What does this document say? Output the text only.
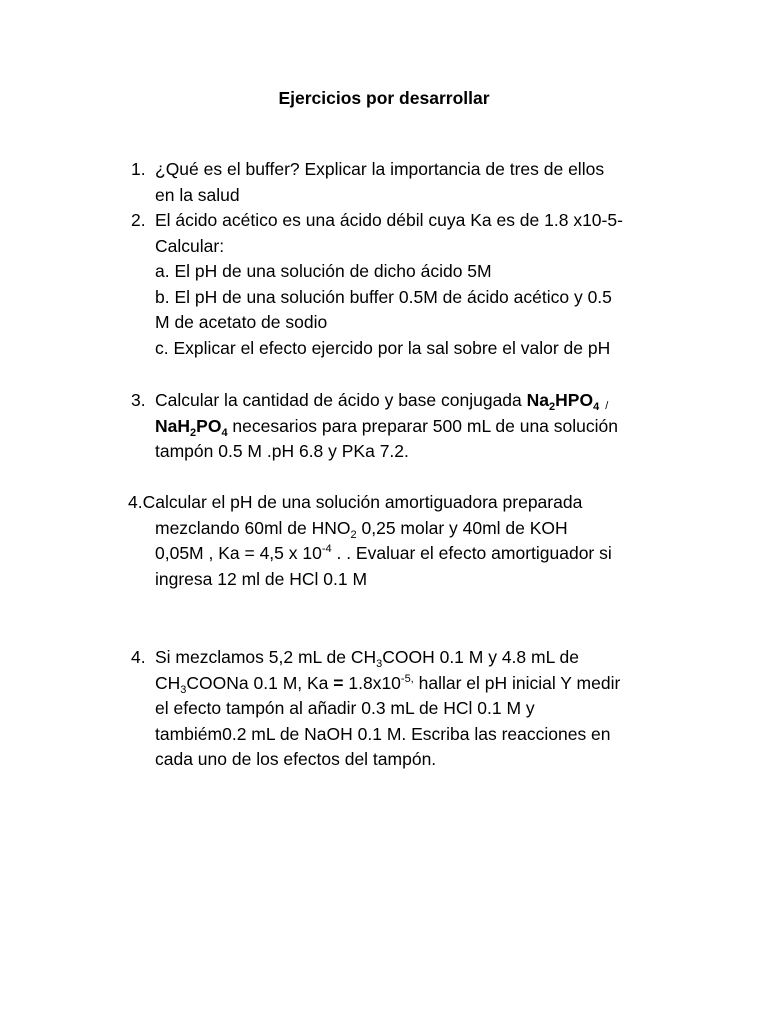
Ejercicios por desarrollar
1. ¿Qué es el buffer? Explicar la importancia de tres de ellos
en la salud
2. El ácido acético es una ácido débil cuya Ka es de 1.8 x10-5-
Calcular:
a. El pH de una solución de dicho ácido 5M
b. El pH de una solución buffer 0.5M de ácido acético y 0.5
M de acetato de sodio
c. Explicar el efecto ejercido por la sal sobre el valor de pH
3. Calcular la cantidad de ácido y base conjugada $Na_2HPO_4$ /
$NaH_2PO_4$ necesarios para preparar 500 mL de una solución
tampón 0.5 M .pH 6.8 y PKa 7.2.
4.Calcular el pH de una solución amortiguadora preparada
mezclando 60ml de $HNO_2$ 0,25 molar y 40ml de KOH
0,05M , Ka = 4,5 x $10^{-4}$ . . Evaluar el efecto amortiguador si
ingresa 12 ml de HCl 0.1 M
4. Si mezclamos 5,2 mL de $CH_3COOH$ 0.1 M y 4.8 mL de
$CH_3COONa$ 0.1 M, $Ka = 1.8x10^{-5,}$ hallar el pH inicial Y medir
el efecto tampón al añadir 0.3 mL de HCl 0.1 M y
tambiém0.2 mL de NaOH 0.1 M. Escriba las reacciones en
cada uno de los efectos del tampón.
